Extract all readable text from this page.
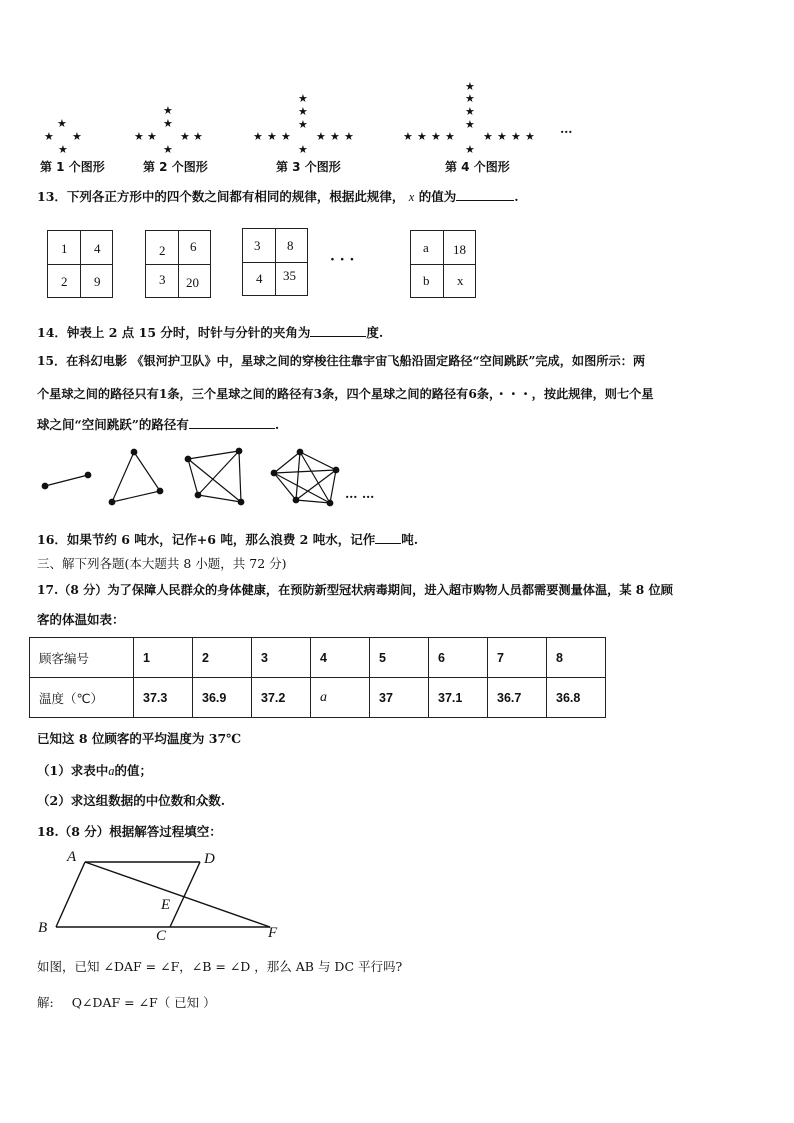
★
★ ★
★
★
★
★ ★ ★ ★
★
★
★
★
★ ★ ★ ★ ★ ★
★
★
★
★
★
★ ★ ★ ★	★ ★ ★ ★
★
…
第 1 个图形	第 2 个图形	第 3 个图形	第 4 个图形
13．下列各正方形中的四个数之间都有相同的规律，根据此规律， x 的值为	.
1 4
2 9
2 6
3 20
3 8
4 35
· · ·
a 18
b x
14．钟表上 2 点 15 分时，时针与分针的夹角为	度.
15．在科幻电影 《银河护卫队》中，星球之间的穿梭往往靠宇宙飞船沿固定路径“空间跳跃”完成，如图所示：两
个星球之间的路径只有1条，三个星球之间的路径有3条，四个星球之间的路径有6条，・・・，按此规律，则七个星
球之间“空间跳跃”的路径有	.
… …
16．如果节约 6 吨水，记作+6 吨，那么浪费 2 吨水，记作 吨.
三、解下列各题(本大题共 8 小题，共 72 分)
17.（8 分）为了保障人民群众的身体健康，在预防新型冠状病毒期间，进入超市购物人员都需要测量体温，某 8 位顾
客的体温如表：
顾客编号	1	2	3	4	5	6	7	8
温度（℃）	37.3	36.9	37.2	a	37	37.1	36.7	36.8
已知这 8 位顾客的平均温度为 37℃
（1）求表中a的值；
（2）求这组数据的中位数和众数.
18.（8 分）根据解答过程填空：
A	D
B	C
E
F
如图，已知 ∠DAF = ∠F，∠B = ∠D ，那么 AB 与 DC 平行吗?
解: Q∠DAF = ∠F（ 已知 ）
